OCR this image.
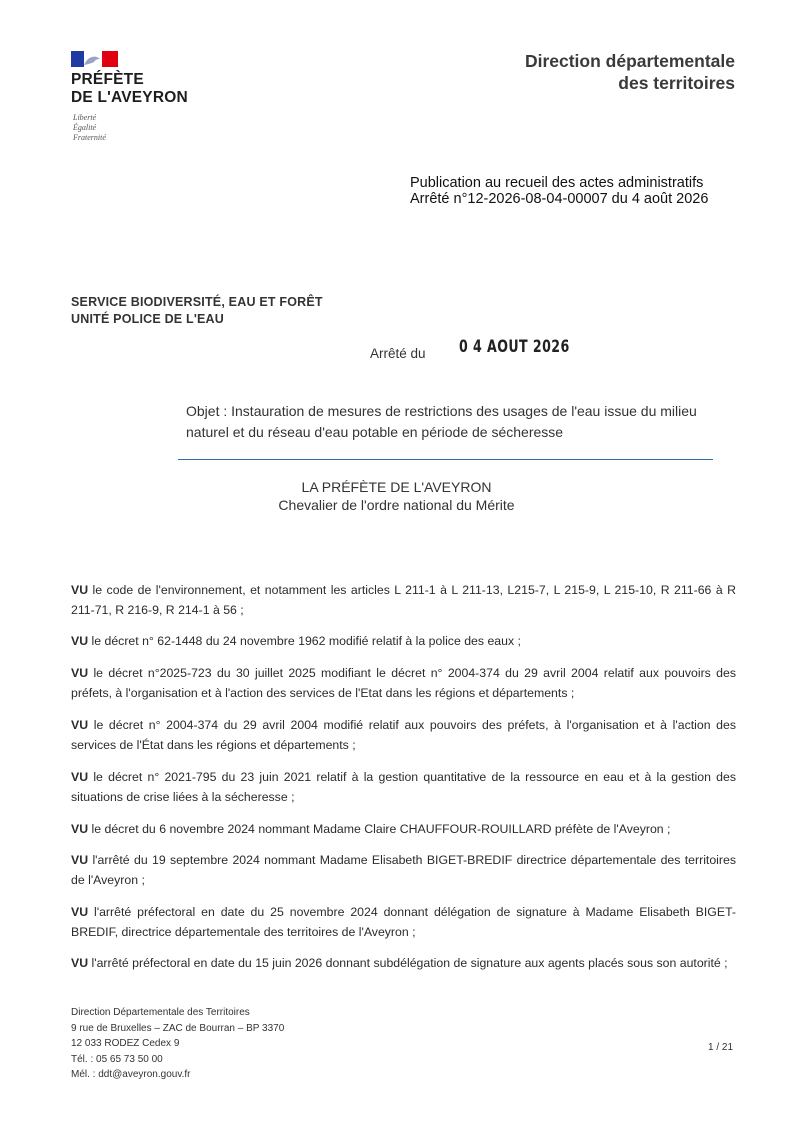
PRÉFÈTE
DE L'AVEYRON
Liberté
Égalité
Fraternité
Direction départementale
des territoires
Publication au recueil des actes administratifs
Arrêté n°12-2026-08-04-00007 du 4 août 2026
SERVICE BIODIVERSITÉ, EAU ET FORÊT
UNITÉ POLICE DE L'EAU
Arrêté du 0 4 AOUT 2026
Objet : Instauration de mesures de restrictions des usages de l'eau issue du milieu
naturel et du réseau d'eau potable en période de sécheresse
LA PRÉFÈTE DE L'AVEYRON
Chevalier de l'ordre national du Mérite
VU le code de l'environnement, et notamment les articles L 211-1 à L 211-13, L215-7, L 215-9, L 215-10, R 211-66 à R 211-71, R 216-9, R 214-1 à 56 ;
VU le décret n° 62-1448 du 24 novembre 1962 modifié relatif à la police des eaux ;
VU le décret n°2025-723 du 30 juillet 2025 modifiant le décret n° 2004-374 du 29 avril 2004 relatif aux pouvoirs des préfets, à l'organisation et à l'action des services de l'Etat dans les régions et départements ;
VU le décret n° 2004-374 du 29 avril 2004 modifié relatif aux pouvoirs des préfets, à l'organisation et à l'action des services de l'État dans les régions et départements ;
VU le décret n° 2021-795 du 23 juin 2021 relatif à la gestion quantitative de la ressource en eau et à la gestion des situations de crise liées à la sécheresse ;
VU le décret du 6 novembre 2024 nommant Madame Claire CHAUFFOUR-ROUILLARD préfète de l'Aveyron ;
VU l'arrêté du 19 septembre 2024 nommant Madame Elisabeth BIGET-BREDIF directrice départementale des territoires de l'Aveyron ;
VU l'arrêté préfectoral en date du 25 novembre 2024 donnant délégation de signature à Madame Elisabeth BIGET-BREDIF, directrice départementale des territoires de l'Aveyron ;
VU l'arrêté préfectoral en date du 15 juin 2026 donnant subdélégation de signature aux agents placés sous son autorité ;
Direction Départementale des Territoires
9 rue de Bruxelles – ZAC de Bourran – BP 3370
12 033 RODEZ Cedex 9
Tél. : 05 65 73 50 00
Mél. : ddt@aveyron.gouv.fr
1 / 21
